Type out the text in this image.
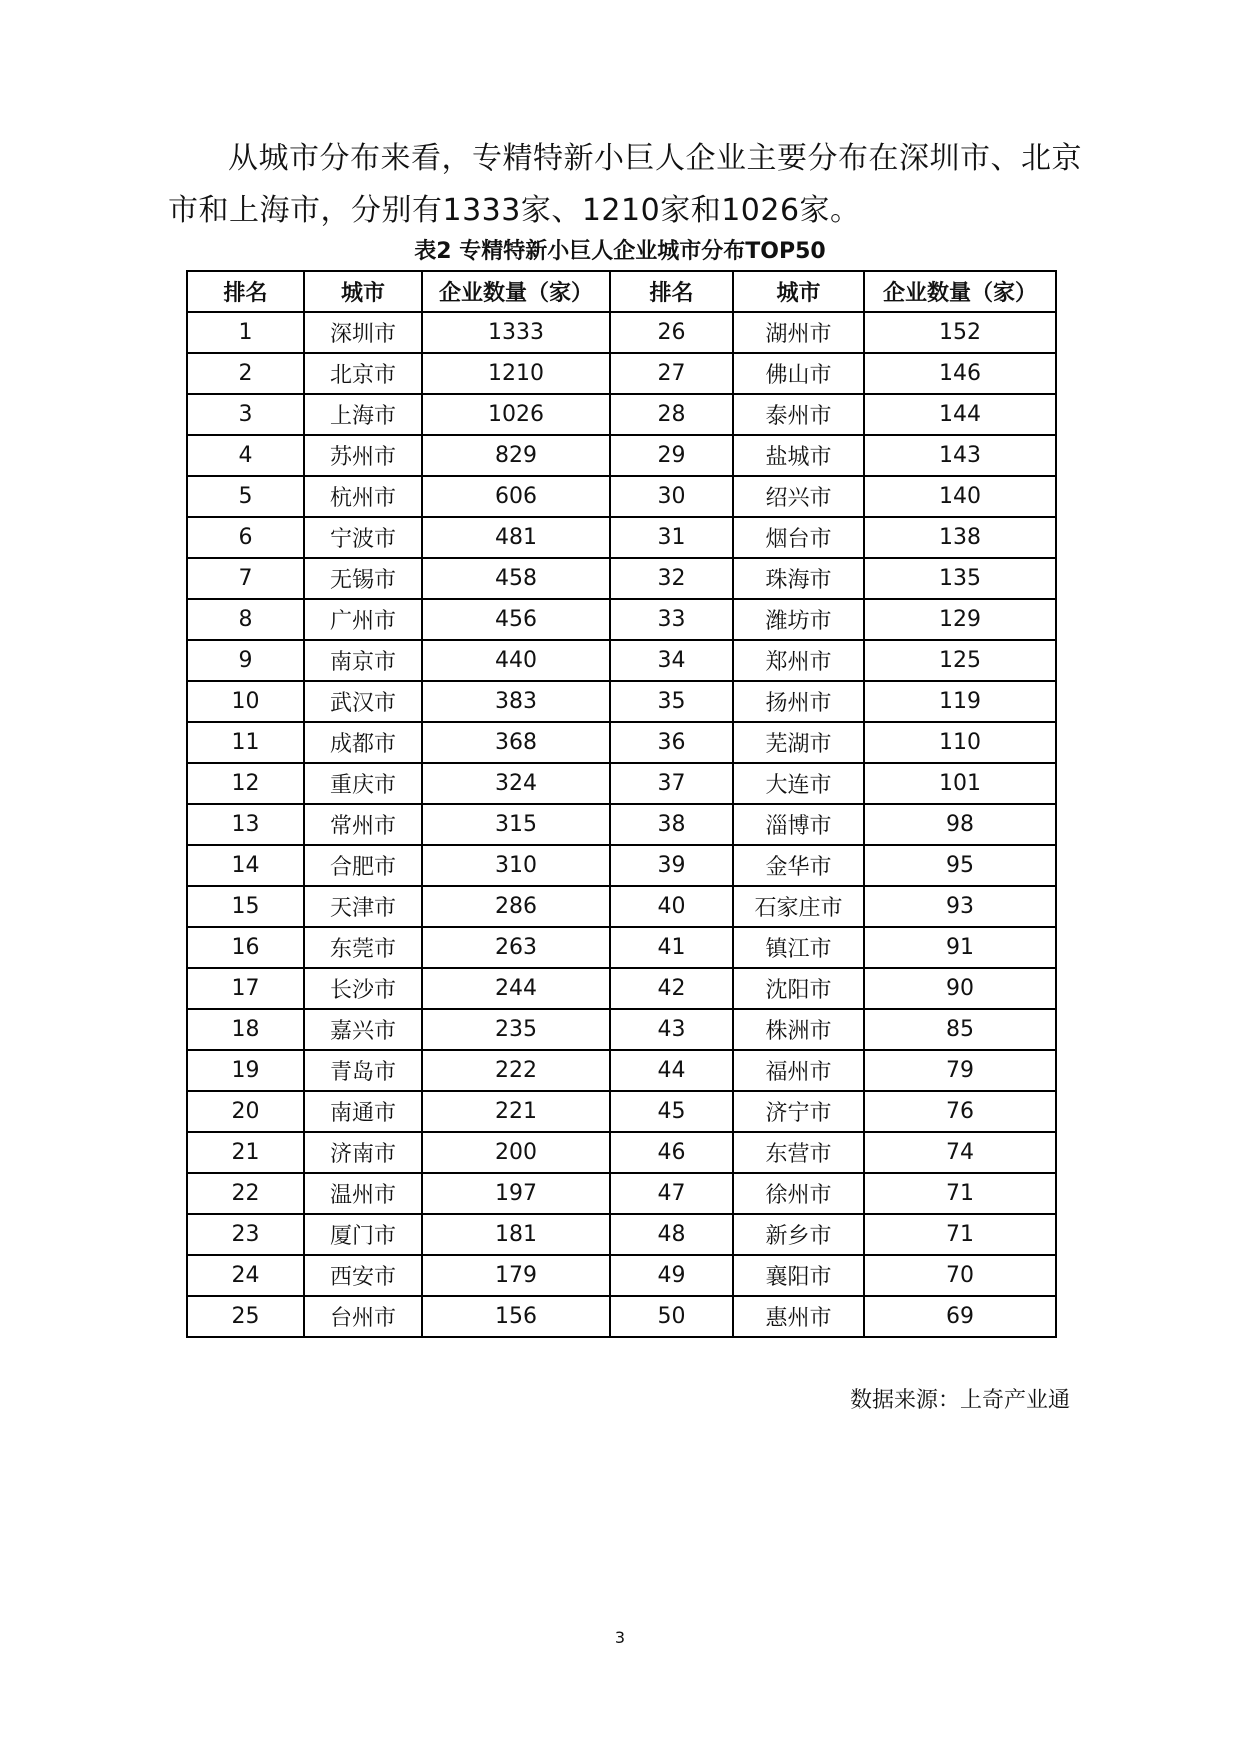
从城市分布来看，专精特新小巨人企业主要分布在深圳市、北京市和上海市，分别有1333家、1210家和1026家。

表2 专精特新小巨人企业城市分布TOP50
排名	城市	企业数量（家）	排名	城市	企业数量（家）
1	深圳市	1333	26	湖州市	152
2	北京市	1210	27	佛山市	146
3	上海市	1026	28	泰州市	144
4	苏州市	829	29	盐城市	143
5	杭州市	606	30	绍兴市	140
6	宁波市	481	31	烟台市	138
7	无锡市	458	32	珠海市	135
8	广州市	456	33	潍坊市	129
9	南京市	440	34	郑州市	125
10	武汉市	383	35	扬州市	119
11	成都市	368	36	芜湖市	110
12	重庆市	324	37	大连市	101
13	常州市	315	38	淄博市	98
14	合肥市	310	39	金华市	95
15	天津市	286	40	石家庄市	93
16	东莞市	263	41	镇江市	91
17	长沙市	244	42	沈阳市	90
18	嘉兴市	235	43	株洲市	85
19	青岛市	222	44	福州市	79
20	南通市	221	45	济宁市	76
21	济南市	200	46	东营市	74
22	温州市	197	47	徐州市	71
23	厦门市	181	48	新乡市	71
24	西安市	179	49	襄阳市	70
25	台州市	156	50	惠州市	69
数据来源：上奇产业通
3
